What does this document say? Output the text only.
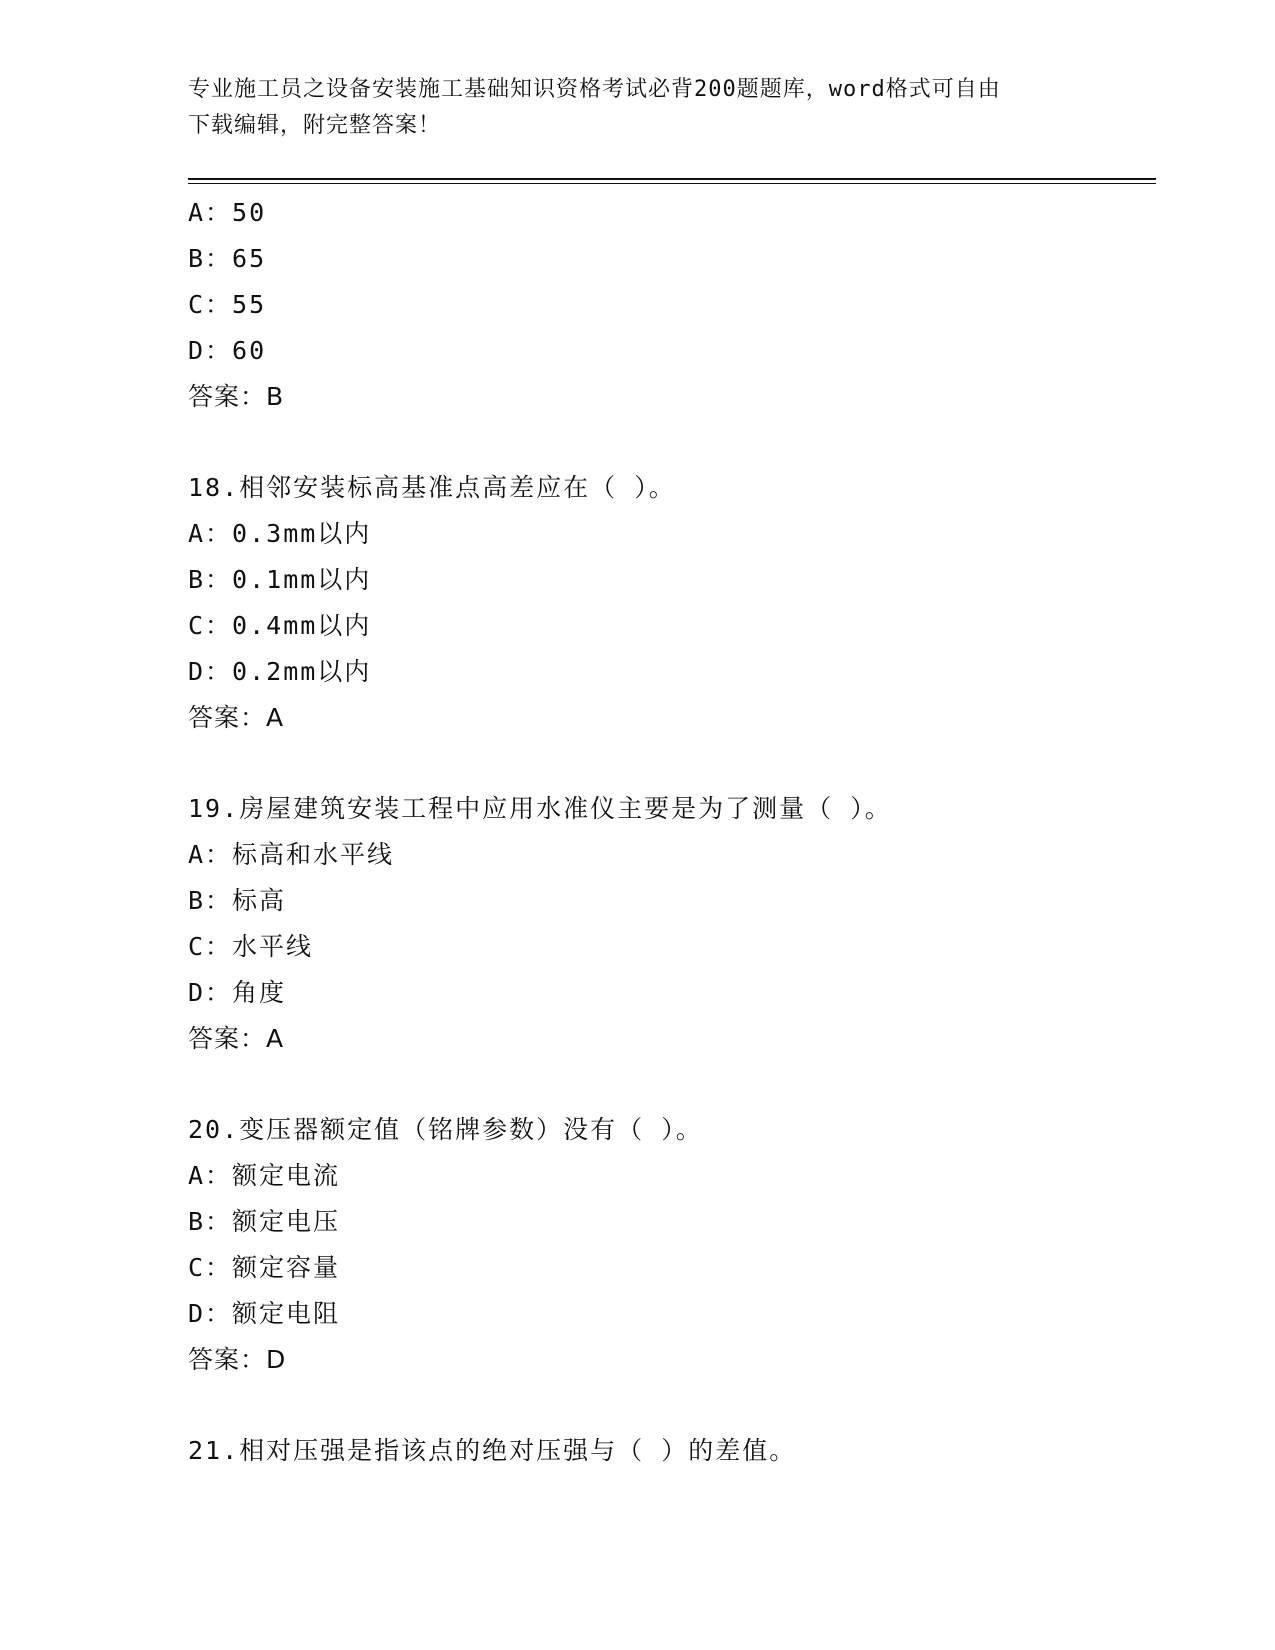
专业施工员之设备安装施工基础知识资格考试必背200题题库，word格式可自由
下载编辑，附完整答案！
A：50
B：65
C：55
D：60
答案：B
18.相邻安装标高基准点高差应在（ ）。
A：0.3mm以内
B：0.1mm以内
C：0.4mm以内
D：0.2mm以内
答案：A
19.房屋建筑安装工程中应用水准仪主要是为了测量（ ）。
A：标高和水平线
B：标高
C：水平线
D：角度
答案：A
20.变压器额定值（铭牌参数）没有（ ）。
A：额定电流
B：额定电压
C：额定容量
D：额定电阻
答案：D
21.相对压强是指该点的绝对压强与（ ）的差值。
